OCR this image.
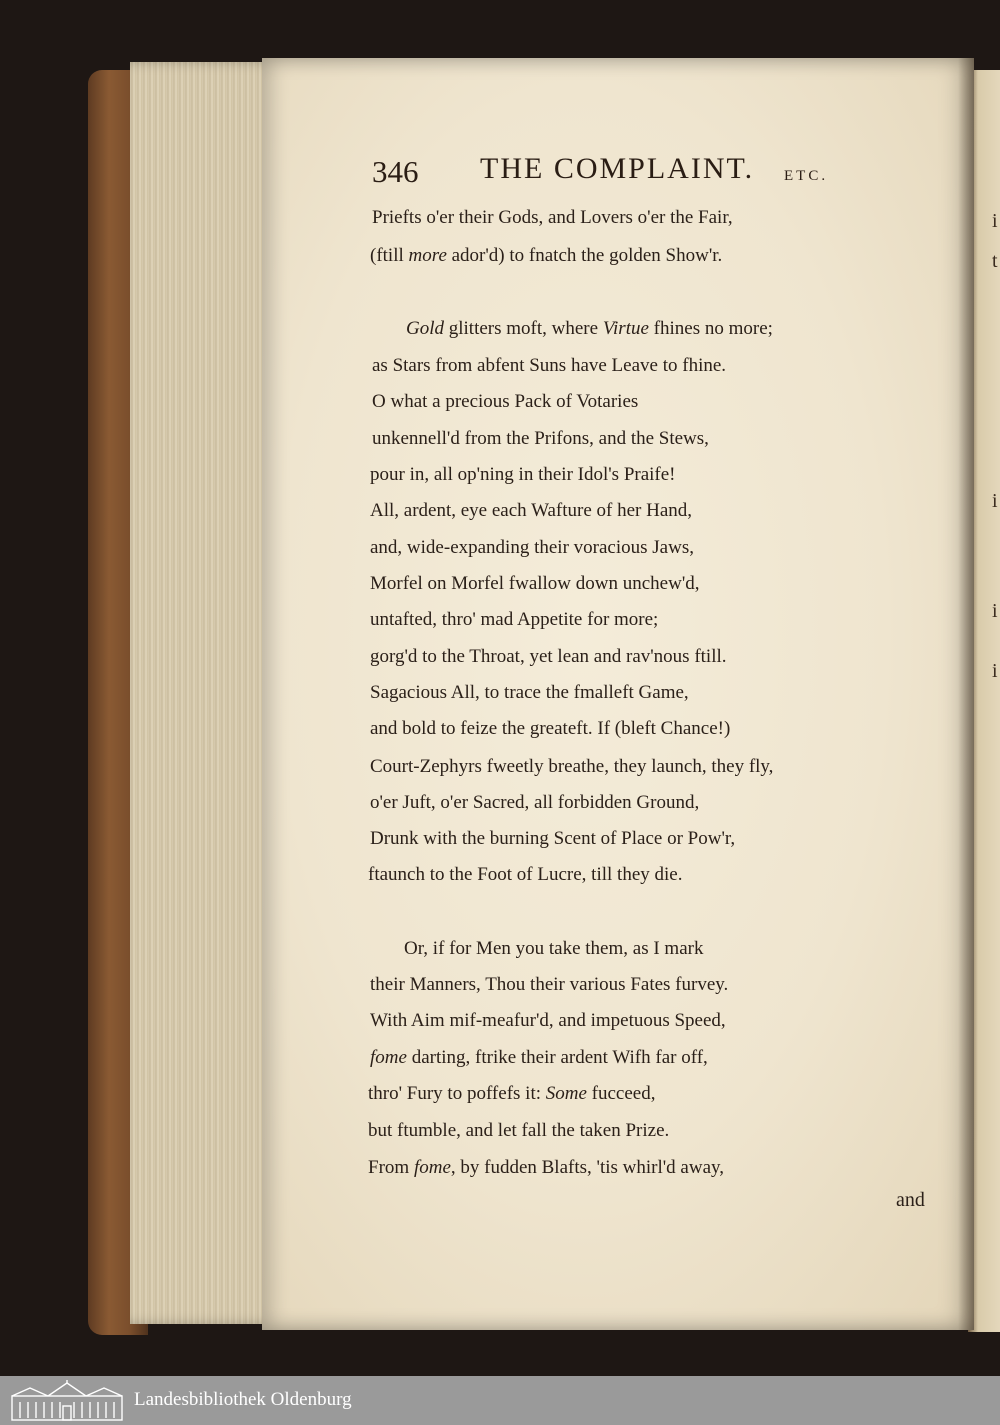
i
t
i
i
i
346 THE COMPLAINT. ETC.
Priefts o'er their Gods, and Lovers o'er the Fair,
(ftill more ador'd) to fnatch the golden Show'r.
Gold glitters moft, where Virtue fhines no more;
as Stars from abfent Suns have Leave to fhine.
O what a precious Pack of Votaries
unkennell'd from the Prifons, and the Stews,
pour in, all op'ning in their Idol's Praife!
All, ardent, eye each Wafture of her Hand,
and, wide-expanding their voracious Jaws,
Morfel on Morfel fwallow down unchew'd,
untafted, thro' mad Appetite for more;
gorg'd to the Throat, yet lean and rav'nous ftill.
Sagacious All, to trace the fmalleft Game,
and bold to feize the greateft. If (bleft Chance!)
Court-Zephyrs fweetly breathe, they launch, they fly,
o'er Juft, o'er Sacred, all forbidden Ground,
Drunk with the burning Scent of Place or Pow'r,
ftaunch to the Foot of Lucre, till they die.
Or, if for Men you take them, as I mark
their Manners, Thou their various Fates furvey.
With Aim mif-meafur'd, and impetuous Speed,
fome darting, ftrike their ardent Wifh far off,
thro' Fury to poffefs it: Some fucceed,
but ftumble, and let fall the taken Prize.
From fome, by fudden Blafts, 'tis whirl'd away,
and
Landesbibliothek Oldenburg
